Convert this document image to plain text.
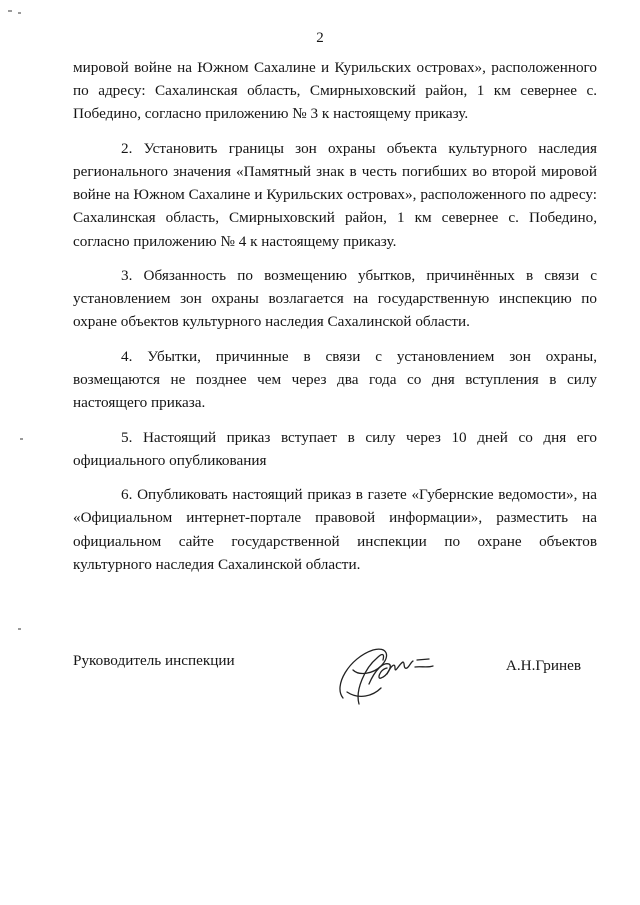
2

мировой войне на Южном Сахалине и Курильских островах», расположенного по адресу: Сахалинская область, Смирныховский район, 1 км севернее с. Победино, согласно приложению № 3 к настоящему приказу.

2. Установить границы зон охраны объекта культурного наследия регионального значения «Памятный знак в честь погибших во второй мировой войне на Южном Сахалине и Курильских островах», расположенного по адресу: Сахалинская область, Смирныховский район, 1 км севернее с. Победино, согласно приложению № 4 к настоящему приказу.

3. Обязанность по возмещению убытков, причинённых в связи с установлением зон охраны возлагается на государственную инспекцию по охране объектов культурного наследия Сахалинской области.

4. Убытки, причинные в связи с установлением зон охраны, возмещаются не позднее чем через два года со дня вступления в силу настоящего приказа.

5. Настоящий приказ вступает в силу через 10 дней со дня его официального опубликования

6. Опубликовать настоящий приказ в газете «Губернские ведомости», на «Официальном интернет-портале правовой информации», разместить на официальном сайте государственной инспекции по охране объектов культурного наследия Сахалинской области.

Руководитель инспекции	А.Н.Гринев
